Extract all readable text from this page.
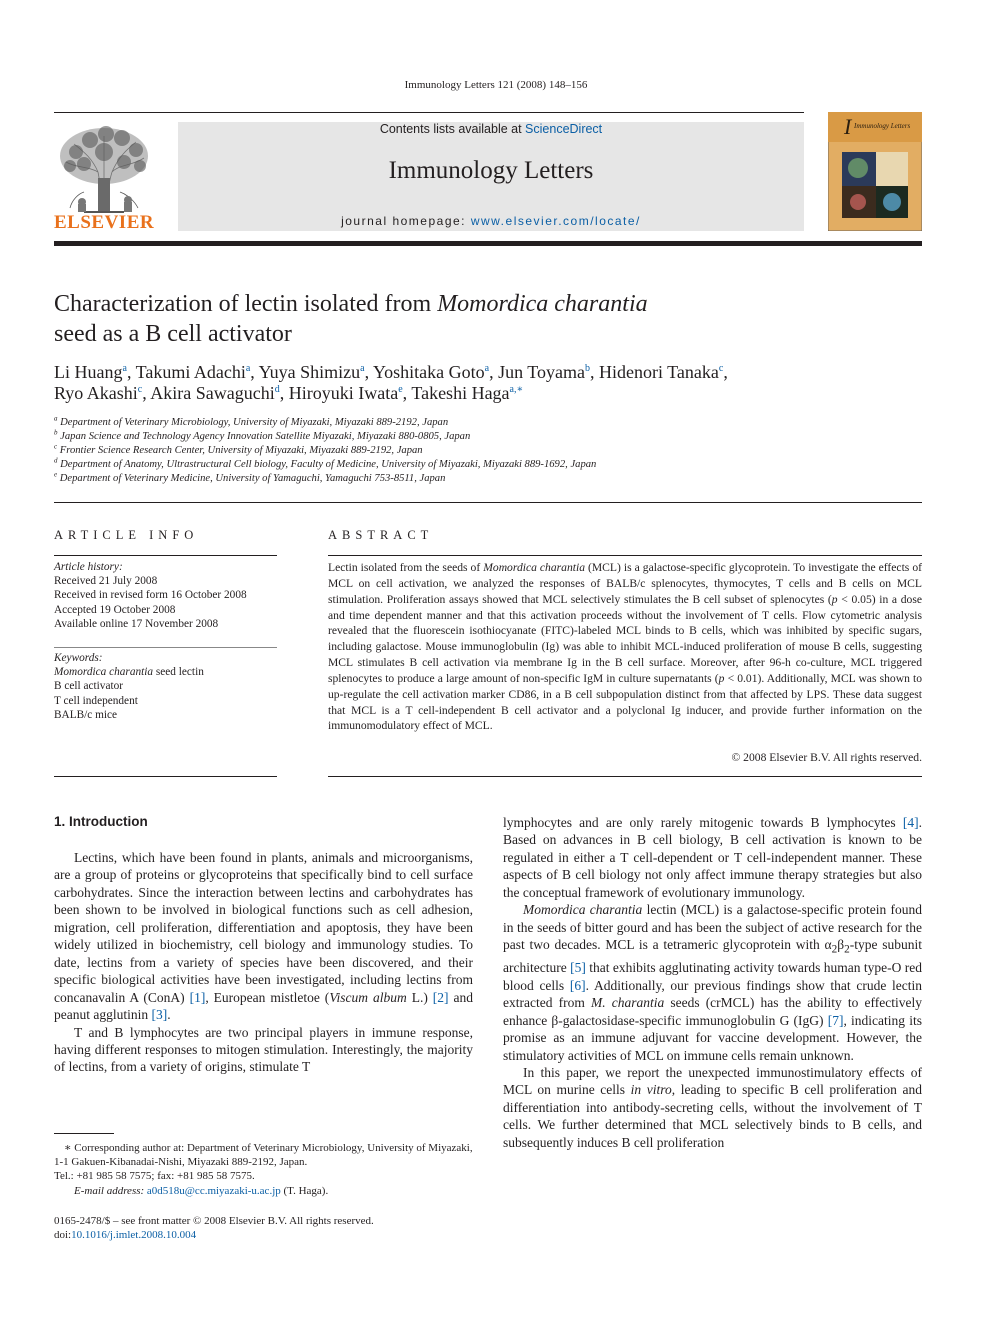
Immunology Letters 121 (2008) 148–156
ELSEVIER
Contents lists available at ScienceDirect
Immunology Letters
journal homepage: www.elsevier.com/locate/
I Immunology Letters
Characterization of lectin isolated from Momordica charantia
seed as a B cell activator
Li Huang$^a$, Takumi Adachi$^a$, Yuya Shimizu$^a$, Yoshitaka Goto$^a$, Jun Toyama$^b$, Hidenori Tanaka$^c$,
Ryo Akashi$^c$, Akira Sawaguchi$^d$, Hiroyuki Iwata$^e$, Takeshi Haga$^{a,∗}$
$^a$ Department of Veterinary Microbiology, University of Miyazaki, Miyazaki 889-2192, Japan
$^b$ Japan Science and Technology Agency Innovation Satellite Miyazaki, Miyazaki 880-0805, Japan
$^c$ Frontier Science Research Center, University of Miyazaki, Miyazaki 889-2192, Japan
$^d$ Department of Anatomy, Ultrastructural Cell biology, Faculty of Medicine, University of Miyazaki, Miyazaki 889-1692, Japan
$^e$ Department of Veterinary Medicine, University of Yamaguchi, Yamaguchi 753-8511, Japan
ARTICLE INFO	ABSTRACT
Article history:
Received 21 July 2008
Received in revised form 16 October 2008
Accepted 19 October 2008
Available online 17 November 2008
Keywords:
Momordica charantia seed lectin
B cell activator
T cell independent
BALB/c mice
Lectin isolated from the seeds of Momordica charantia (MCL) is a galactose-specific glycoprotein. To investigate the effects of MCL on cell activation, we analyzed the responses of BALB/c splenocytes, thymocytes, T cells and B cells on MCL stimulation. Proliferation assays showed that MCL selectively stimulates the B cell subset of splenocytes (p < 0.05) in a dose and time dependent manner and that this activation proceeds without the involvement of T cells. Flow cytometric analysis revealed that the fluorescein isothiocyanate (FITC)-labeled MCL binds to B cells, which was inhibited by specific sugars, including galactose. Mouse immunoglobulin (Ig) was able to inhibit MCL-induced proliferation of mouse B cells, suggesting MCL stimulates B cell activation via membrane Ig in the B cell surface. Moreover, after 96-h co-culture, MCL triggered splenocytes to produce a large amount of non-specific IgM in culture supernatants (p < 0.01). Additionally, MCL was shown to up-regulate the cell activation marker CD86, in a B cell subpopulation distinct from that affected by LPS. These data suggest that MCL is a T cell-independent B cell activator and a polyclonal Ig inducer, and provide further information on the immunomodulatory effect of MCL.
© 2008 Elsevier B.V. All rights reserved.
1. Introduction

Lectins, which have been found in plants, animals and microorganisms, are a group of proteins or glycoproteins that specifically bind to cell surface carbohydrates. Since the interaction between lectins and carbohydrates has been shown to be involved in biological functions such as cell adhesion, migration, cell proliferation, differentiation and apoptosis, they have been widely utilized in biochemistry, cell biology and immunology studies. To date, lectins from a variety of species have been discovered, and their specific biological activities have been investigated, including lectins from concanavalin A (ConA) [1], European mistletoe (Viscum album L.) [2] and peanut agglutinin [3].

T and B lymphocytes are two principal players in immune response, having different responses to mitogen stimulation. Interestingly, the majority of lectins, from a variety of origins, stimulate T

lymphocytes and are only rarely mitogenic towards B lymphocytes [4]. Based on advances in B cell biology, B cell activation is known to be regulated in either a T cell-dependent or T cell-independent manner. These aspects of B cell biology not only affect immune therapy strategies but also the conceptual framework of evolutionary immunology.

Momordica charantia lectin (MCL) is a galactose-specific protein found in the seeds of bitter gourd and has been the subject of active research for the past two decades. MCL is a tetrameric glycoprotein with $\alpha_2\beta_2$-type subunit architecture [5] that exhibits agglutinating activity towards human type-O red blood cells [6]. Additionally, our previous findings show that crude lectin extracted from M. charantia seeds (crMCL) has the ability to effectively enhance β-galactosidase-specific immunoglobulin G (IgG) [7], indicating its promise as an immune adjuvant for vaccine development. However, the stimulatory activities of MCL on immune cells remain unknown.

In this paper, we report the unexpected immunostimulatory effects of MCL on murine cells in vitro, leading to specific B cell proliferation and differentiation into antibody-secreting cells, without the involvement of T cells. We further determined that MCL selectively binds to B cells, and subsequently induces B cell proliferation

∗ Corresponding author at: Department of Veterinary Microbiology, University of Miyazaki, 1-1 Gakuen-Kibanadai-Nishi, Miyazaki 889-2192, Japan.
Tel.: +81 985 58 7575; fax: +81 985 58 7575.
E-mail address: a0d518u@cc.miyazaki-u.ac.jp (T. Haga).
0165-2478/$ – see front matter © 2008 Elsevier B.V. All rights reserved.
doi:10.1016/j.imlet.2008.10.004
